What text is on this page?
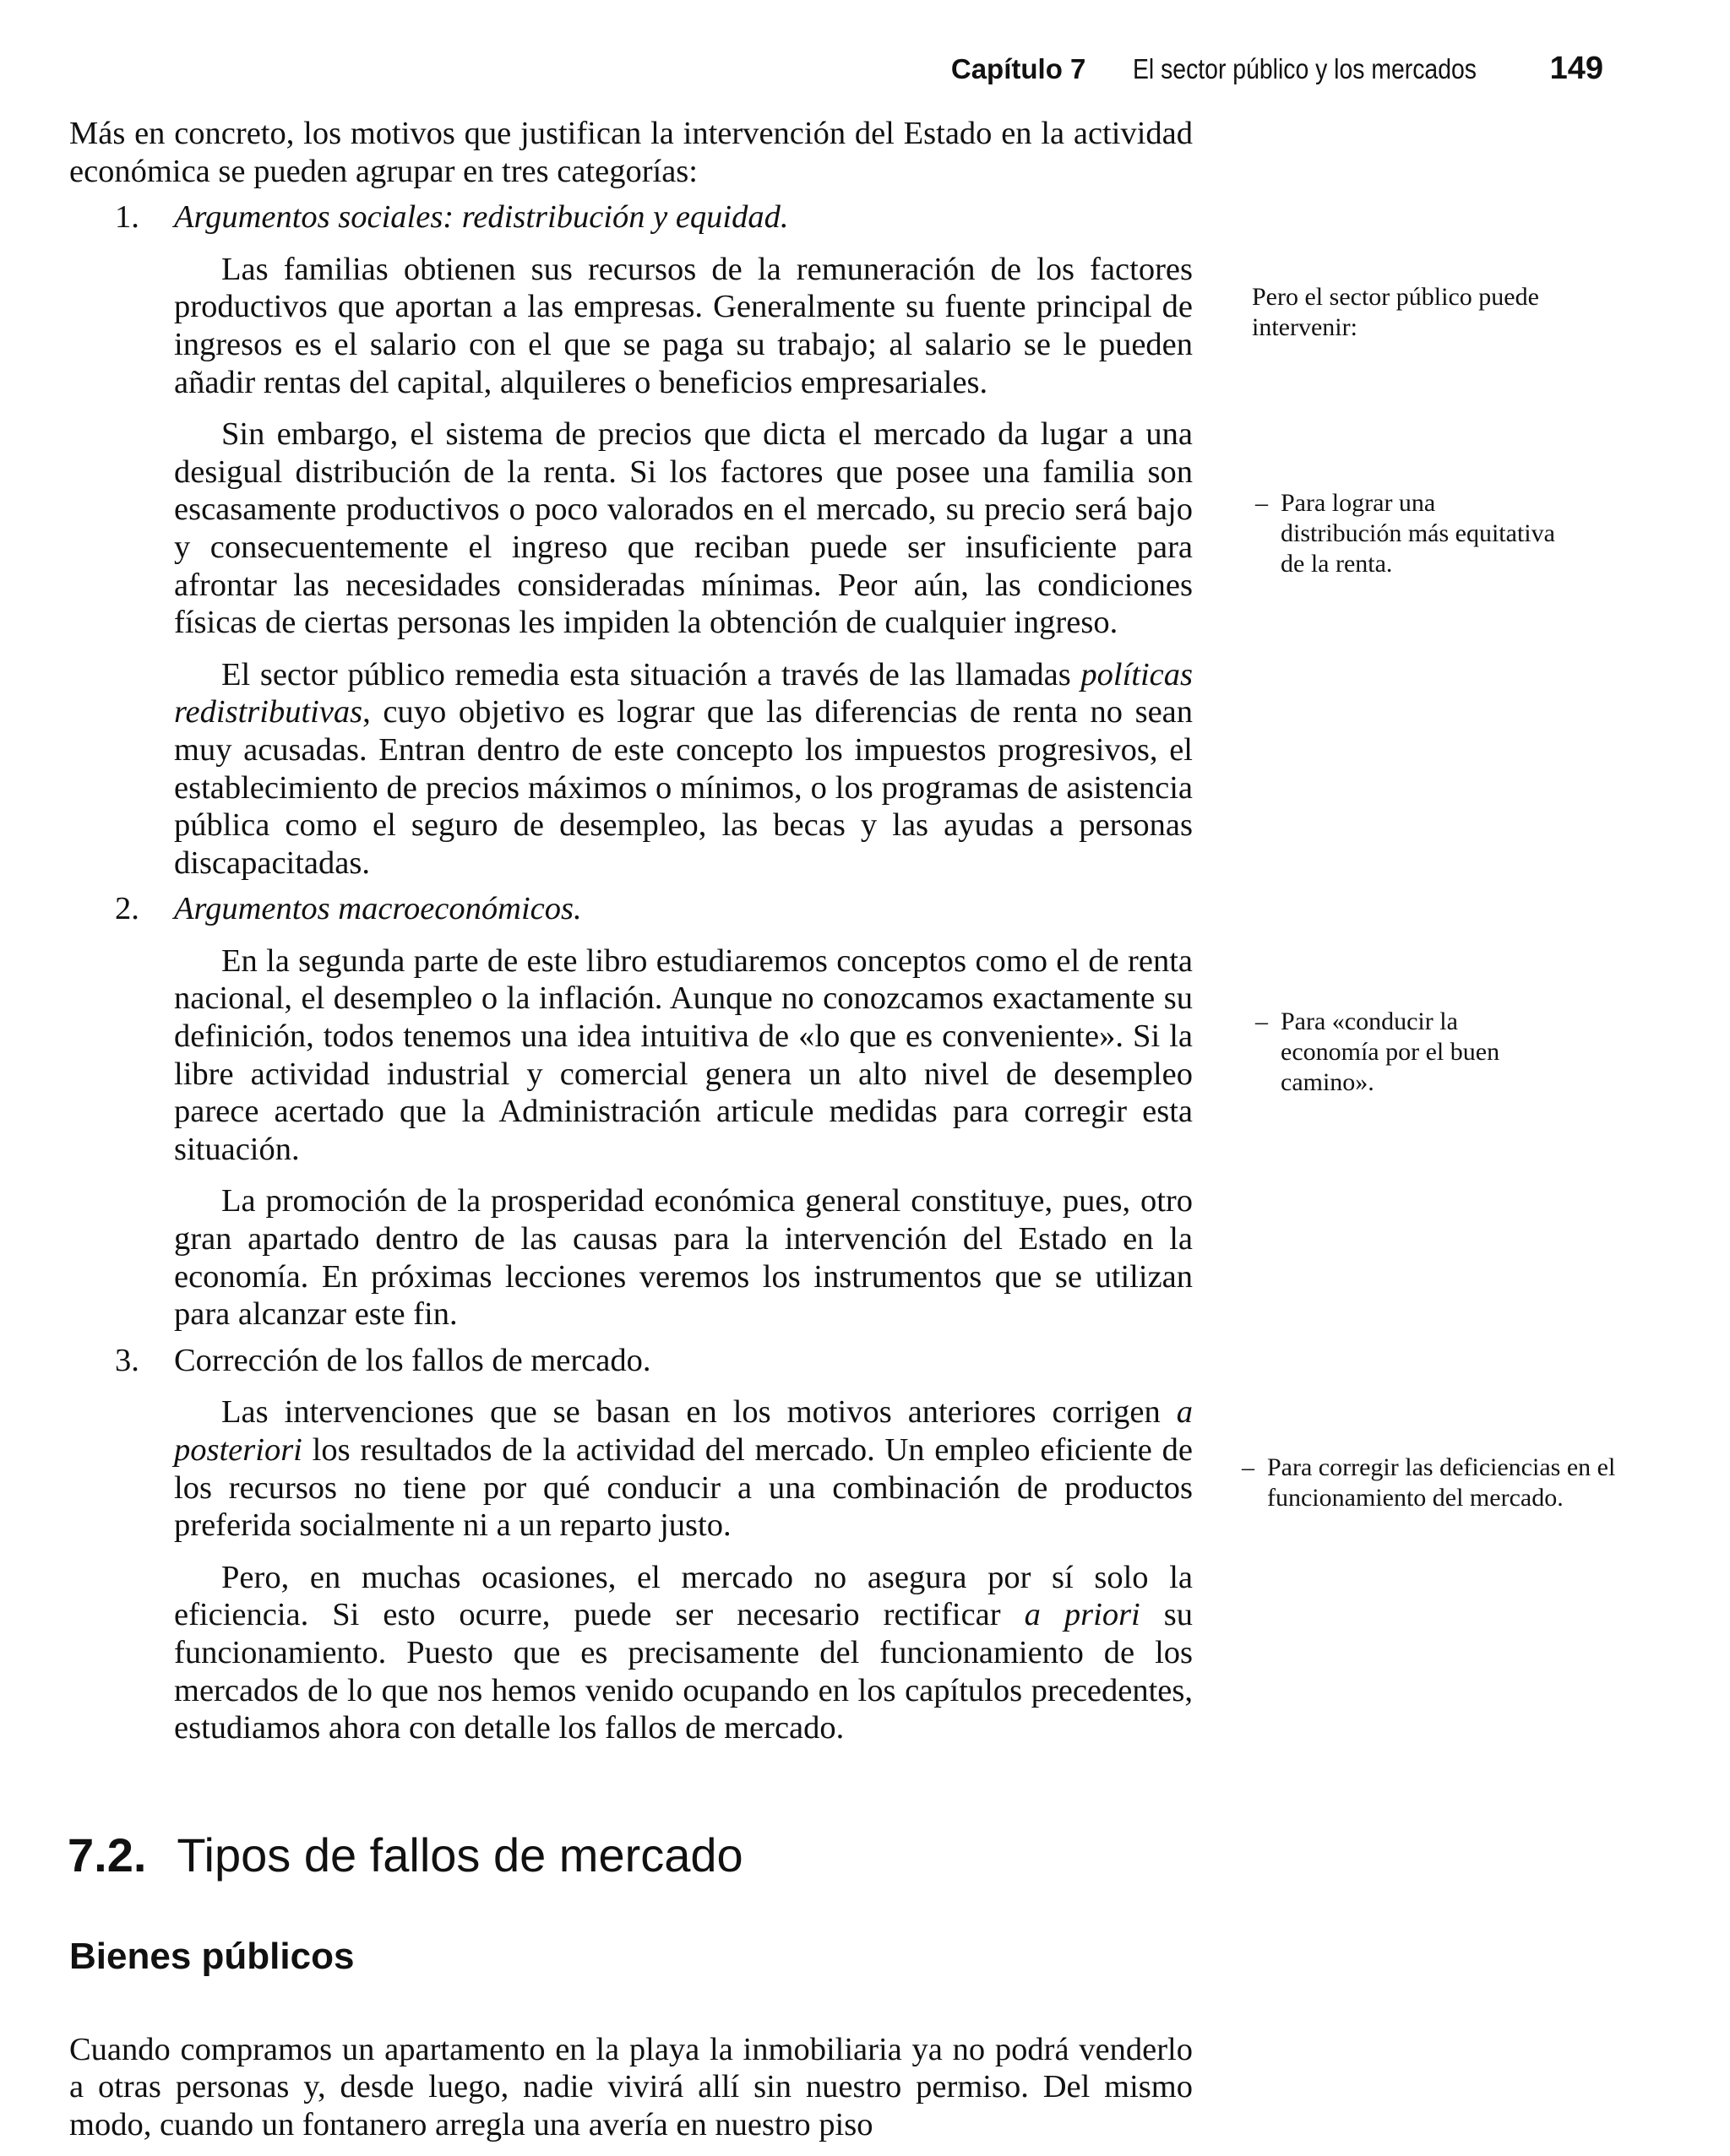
Capítulo 7 El sector público y los mercados 149

Más en concreto, los motivos que justifican la intervención del Estado en la actividad económica se pueden agrupar en tres categorías:

1. Argumentos sociales: redistribución y equidad.

Las familias obtienen sus recursos de la remuneración de los factores productivos que aportan a las empresas. Generalmente su fuente principal de ingresos es el salario con el que se paga su trabajo; al salario se le pueden añadir rentas del capital, alquileres o beneficios empresariales.

Sin embargo, el sistema de precios que dicta el mercado da lugar a una desigual distribución de la renta. Si los factores que posee una familia son escasamente productivos o poco valorados en el mercado, su precio será bajo y consecuentemente el ingreso que reciban puede ser insuficiente para afrontar las necesidades consideradas mínimas. Peor aún, las condiciones físicas de ciertas personas les impiden la obtención de cualquier ingreso.

El sector público remedia esta situación a través de las llamadas políticas redistributivas, cuyo objetivo es lograr que las diferencias de renta no sean muy acusadas. Entran dentro de este concepto los impuestos progresivos, el establecimiento de precios máximos o mínimos, o los programas de asistencia pública como el seguro de desempleo, las becas y las ayudas a personas discapacitadas.

2. Argumentos macroeconómicos.

En la segunda parte de este libro estudiaremos conceptos como el de renta nacional, el desempleo o la inflación. Aunque no conozcamos exactamente su definición, todos tenemos una idea intuitiva de «lo que es conveniente». Si la libre actividad industrial y comercial genera un alto nivel de desempleo parece acertado que la Administración articule medidas para corregir esta situación.

La promoción de la prosperidad económica general constituye, pues, otro gran apartado dentro de las causas para la intervención del Estado en la economía. En próximas lecciones veremos los instrumentos que se utilizan para alcanzar este fin.

3. Corrección de los fallos de mercado.

Las intervenciones que se basan en los motivos anteriores corrigen a posteriori los resultados de la actividad del mercado. Un empleo eficiente de los recursos no tiene por qué conducir a una combinación de productos preferida socialmente ni a un reparto justo.

Pero, en muchas ocasiones, el mercado no asegura por sí solo la eficiencia. Si esto ocurre, puede ser necesario rectificar a priori su funcionamiento. Puesto que es precisamente del funcionamiento de los mercados de lo que nos hemos venido ocupando en los capítulos precedentes, estudiamos ahora con detalle los fallos de mercado.

7.2. Tipos de fallos de mercado
Bienes públicos

Cuando compramos un apartamento en la playa la inmobiliaria ya no podrá venderlo a otras personas y, desde luego, nadie vivirá allí sin nuestro permiso. Del mismo modo, cuando un fontanero arregla una avería en nuestro piso

Pero el sector público puede intervenir:
– Para lograr una distribución más equitativa de la renta.
– Para «conducir la economía por el buen camino».
– Para corregir las deficiencias en el funcionamiento del mercado.
